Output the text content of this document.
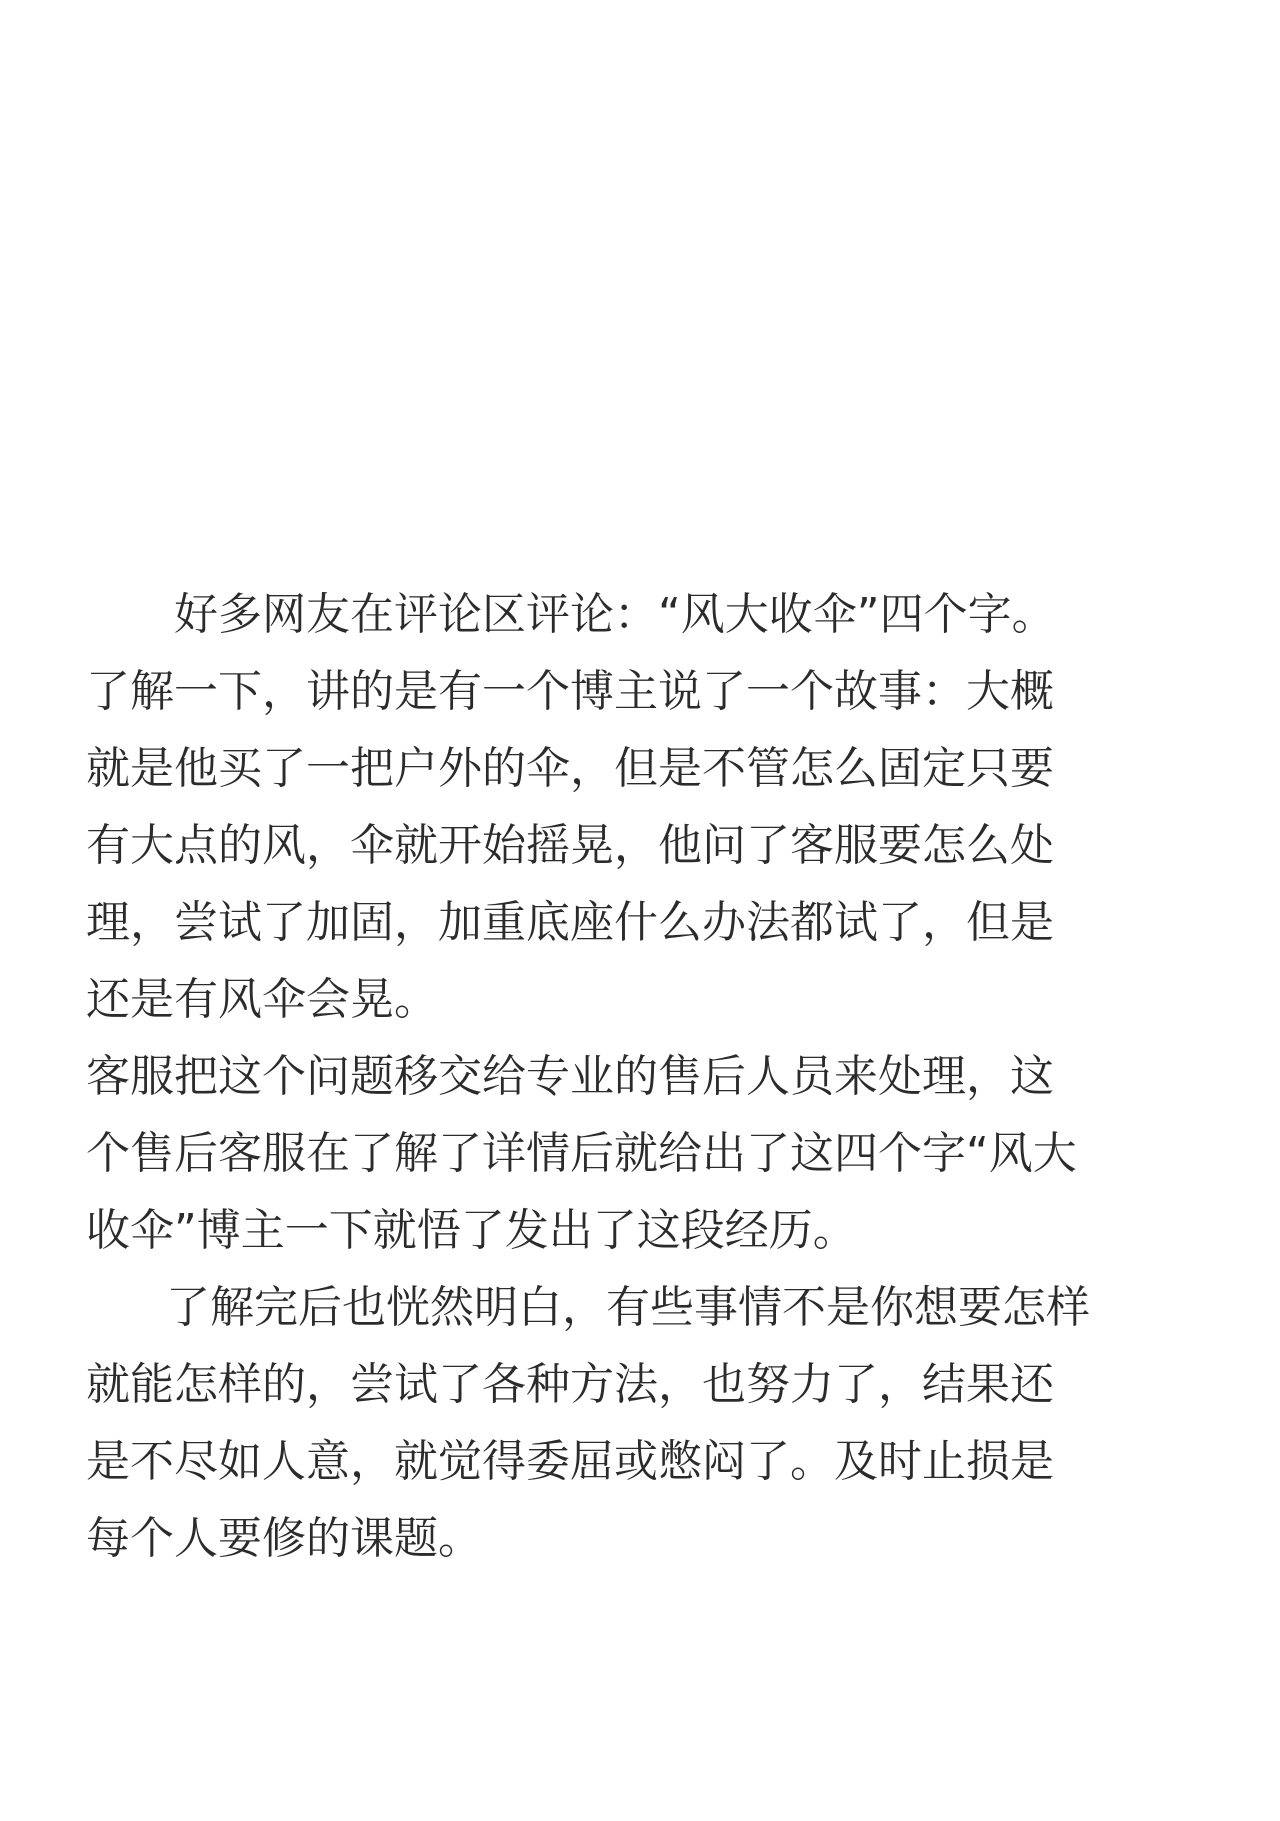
好多网友在评论区评论：“风大收伞”四个字。
了解一下，讲的是有一个博主说了一个故事：大概
就是他买了一把户外的伞，但是不管怎么固定只要
有大点的风，伞就开始摇晃，他问了客服要怎么处
理，尝试了加固，加重底座什么办法都试了，但是
还是有风伞会晃。
客服把这个问题移交给专业的售后人员来处理，这
个售后客服在了解了详情后就给出了这四个字“风大
收伞”博主一下就悟了发出了这段经历。
了解完后也恍然明白，有些事情不是你想要怎样
就能怎样的，尝试了各种方法，也努力了，结果还
是不尽如人意，就觉得委屈或憋闷了。及时止损是
每个人要修的课题。
